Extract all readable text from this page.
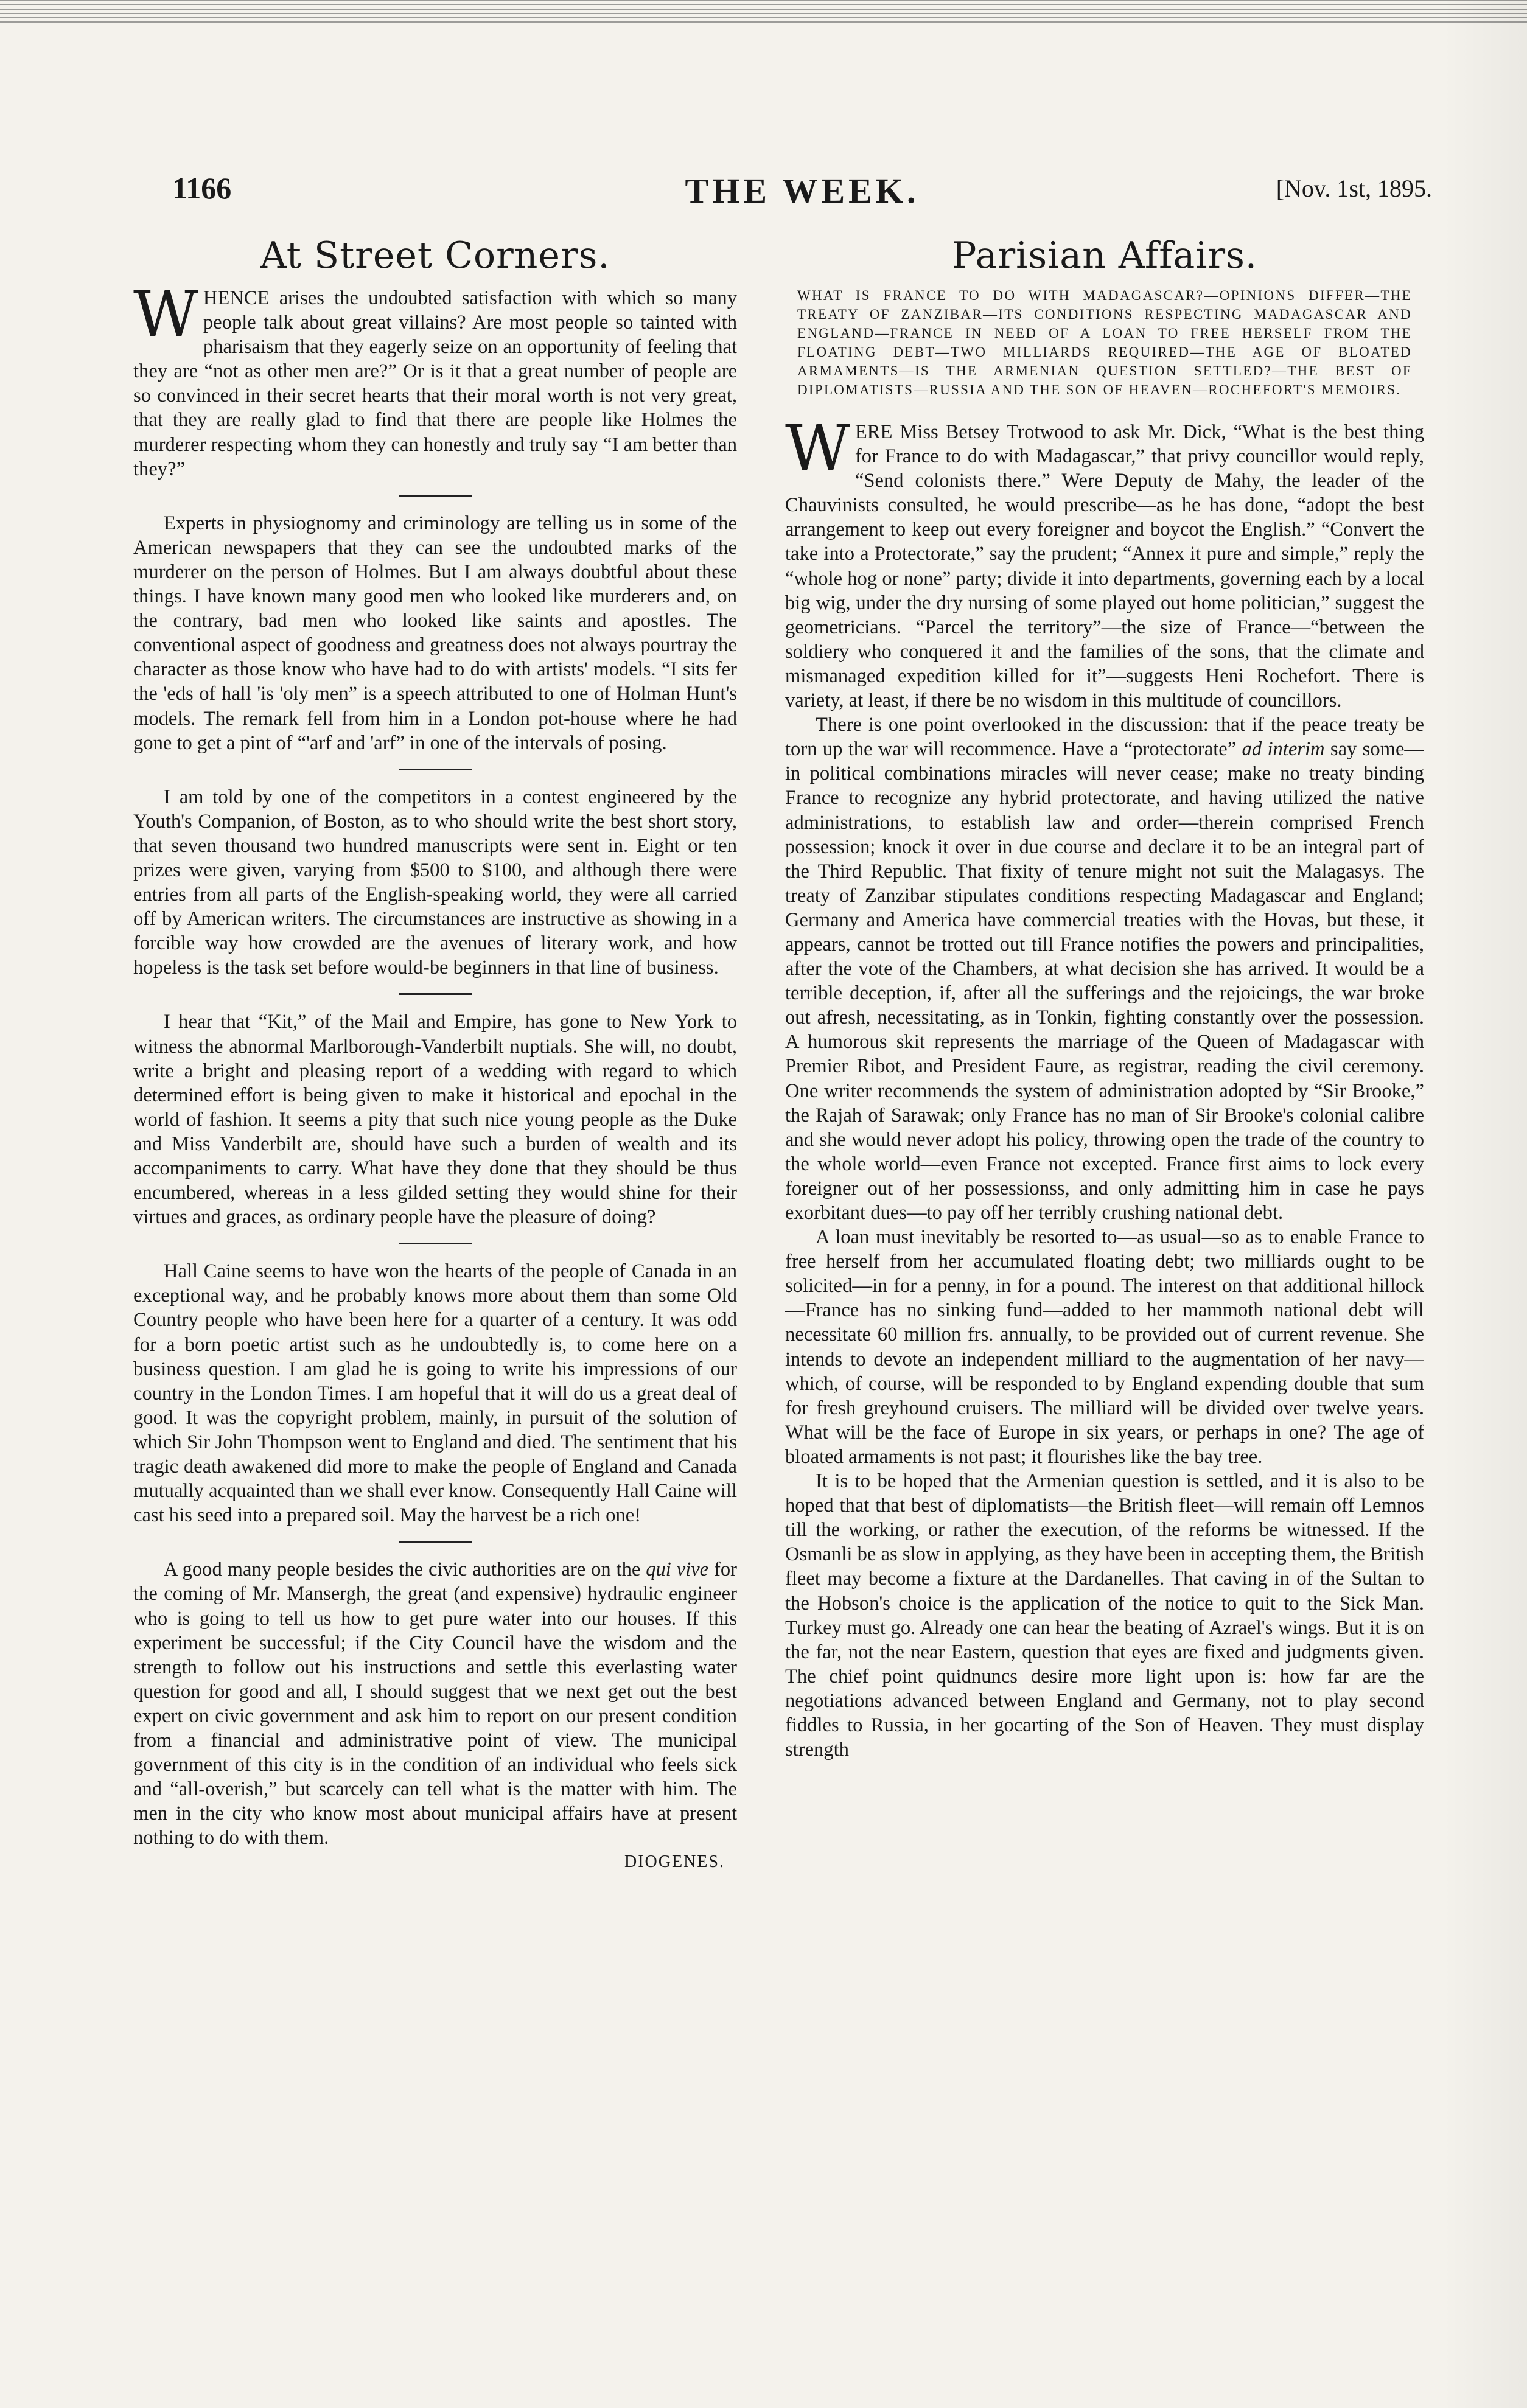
1166	THE WEEK.	[Nov. 1st, 1895.
At Street Corners.

WHENCE arises the undoubted satisfaction with which so many people talk about great villains? Are most people so tainted with pharisaism that they eagerly seize on an opportunity of feeling that they are “not as other men are?” Or is it that a great number of people are so convinced in their secret hearts that their moral worth is not very great, that they are really glad to find that there are people like Holmes the murderer respecting whom they can honestly and truly say “I am better than they?”

Experts in physiognomy and criminology are telling us in some of the American newspapers that they can see the undoubted marks of the murderer on the person of Holmes. But I am always doubtful about these things. I have known many good men who looked like murderers and, on the contrary, bad men who looked like saints and apostles. The conventional aspect of goodness and greatness does not always pourtray the character as those know who have had to do with artists' models. “I sits fer the 'eds of hall 'is 'oly men” is a speech attributed to one of Holman Hunt's models. The remark fell from him in a London pot-house where he had gone to get a pint of “'arf and 'arf” in one of the intervals of posing.

I am told by one of the competitors in a contest engineered by the Youth's Companion, of Boston, as to who should write the best short story, that seven thousand two hundred manuscripts were sent in. Eight or ten prizes were given, varying from $500 to $100, and although there were entries from all parts of the English-speaking world, they were all carried off by American writers. The circumstances are instructive as showing in a forcible way how crowded are the avenues of literary work, and how hopeless is the task set before would-be beginners in that line of business.

I hear that “Kit,” of the Mail and Empire, has gone to New York to witness the abnormal Marlborough-Vanderbilt nuptials. She will, no doubt, write a bright and pleasing report of a wedding with regard to which determined effort is being given to make it historical and epochal in the world of fashion. It seems a pity that such nice young people as the Duke and Miss Vanderbilt are, should have such a burden of wealth and its accompaniments to carry. What have they done that they should be thus encumbered, whereas in a less gilded setting they would shine for their virtues and graces, as ordinary people have the pleasure of doing?

Hall Caine seems to have won the hearts of the people of Canada in an exceptional way, and he probably knows more about them than some Old Country people who have been here for a quarter of a century. It was odd for a born poetic artist such as he undoubtedly is, to come here on a business question. I am glad he is going to write his impressions of our country in the London Times. I am hopeful that it will do us a great deal of good. It was the copyright problem, mainly, in pursuit of the solution of which Sir John Thompson went to England and died. The sentiment that his tragic death awakened did more to make the people of England and Canada mutually acquainted than we shall ever know. Consequently Hall Caine will cast his seed into a prepared soil. May the harvest be a rich one!

A good many people besides the civic authorities are on the qui vive for the coming of Mr. Mansergh, the great (and expensive) hydraulic engineer who is going to tell us how to get pure water into our houses. If this experiment be successful; if the City Council have the wisdom and the strength to follow out his instructions and settle this everlasting water question for good and all, I should suggest that we next get out the best expert on civic government and ask him to report on our present condition from a financial and administrative point of view. The municipal government of this city is in the condition of an individual who feels sick and “all-overish,” but scarcely can tell what is the matter with him. The men in the city who know most about municipal affairs have at present nothing to do with them.

DIOGENES.
Parisian Affairs.
WHAT IS FRANCE TO DO WITH MADAGASCAR?—OPINIONS DIFFER—THE TREATY OF ZANZIBAR—ITS CONDITIONS RESPECTING MADAGASCAR AND ENGLAND—FRANCE IN NEED OF A LOAN TO FREE HERSELF FROM THE FLOATING DEBT—TWO MILLIARDS REQUIRED—THE AGE OF BLOATED ARMAMENTS—IS THE ARMENIAN QUESTION SETTLED?—THE BEST OF DIPLOMATISTS—RUSSIA AND THE SON OF HEAVEN—ROCHEFORT'S MEMOIRS.

WERE Miss Betsey Trotwood to ask Mr. Dick, “What is the best thing for France to do with Madagascar,” that privy councillor would reply, “Send colonists there.” Were Deputy de Mahy, the leader of the Chauvinists consulted, he would prescribe—as he has done, “adopt the best arrangement to keep out every foreigner and boycot the English.” “Convert the take into a Protectorate,” say the prudent; “Annex it pure and simple,” reply the “whole hog or none” party; divide it into departments, governing each by a local big wig, under the dry nursing of some played out home politician,” suggest the geometricians. “Parcel the territory”—the size of France—“between the soldiery who conquered it and the families of the sons, that the climate and mismanaged expedition killed for it”—suggests Heni Rochefort. There is variety, at least, if there be no wisdom in this multitude of councillors.

There is one point overlooked in the discussion: that if the peace treaty be torn up the war will recommence. Have a “protectorate” ad interim say some—in political combinations miracles will never cease; make no treaty binding France to recognize any hybrid protectorate, and having utilized the native administrations, to establish law and order—therein comprised French possession; knock it over in due course and declare it to be an integral part of the Third Republic. That fixity of tenure might not suit the Malagasys. The treaty of Zanzibar stipulates conditions respecting Madagascar and England; Germany and America have commercial treaties with the Hovas, but these, it appears, cannot be trotted out till France notifies the powers and principalities, after the vote of the Chambers, at what decision she has arrived. It would be a terrible deception, if, after all the sufferings and the rejoicings, the war broke out afresh, necessitating, as in Tonkin, fighting constantly over the possession. A humorous skit represents the marriage of the Queen of Madagascar with Premier Ribot, and President Faure, as registrar, reading the civil ceremony. One writer recommends the system of administration adopted by “Sir Brooke,” the Rajah of Sarawak; only France has no man of Sir Brooke's colonial calibre and she would never adopt his policy, throwing open the trade of the country to the whole world—even France not excepted. France first aims to lock every foreigner out of her possessionss, and only admitting him in case he pays exorbitant dues—to pay off her terribly crushing national debt.

A loan must inevitably be resorted to—as usual—so as to enable France to free herself from her accumulated floating debt; two milliards ought to be solicited—in for a penny, in for a pound. The interest on that additional hillock—France has no sinking fund—added to her mammoth national debt will necessitate 60 million frs. annually, to be provided out of current revenue. She intends to devote an independent milliard to the augmentation of her navy—which, of course, will be responded to by England expending double that sum for fresh greyhound cruisers. The milliard will be divided over twelve years. What will be the face of Europe in six years, or perhaps in one? The age of bloated armaments is not past; it flourishes like the bay tree.

It is to be hoped that the Armenian question is settled, and it is also to be hoped that that best of diplomatists—the British fleet—will remain off Lemnos till the working, or rather the execution, of the reforms be witnessed. If the Osmanli be as slow in applying, as they have been in accepting them, the British fleet may become a fixture at the Dardanelles. That caving in of the Sultan to the Hobson's choice is the application of the notice to quit to the Sick Man. Turkey must go. Already one can hear the beating of Azrael's wings. But it is on the far, not the near Eastern, question that eyes are fixed and judgments given. The chief point quidnuncs desire more light upon is: how far are the negotiations advanced between England and Germany, not to play second fiddles to Russia, in her gocarting of the Son of Heaven. They must display strength
